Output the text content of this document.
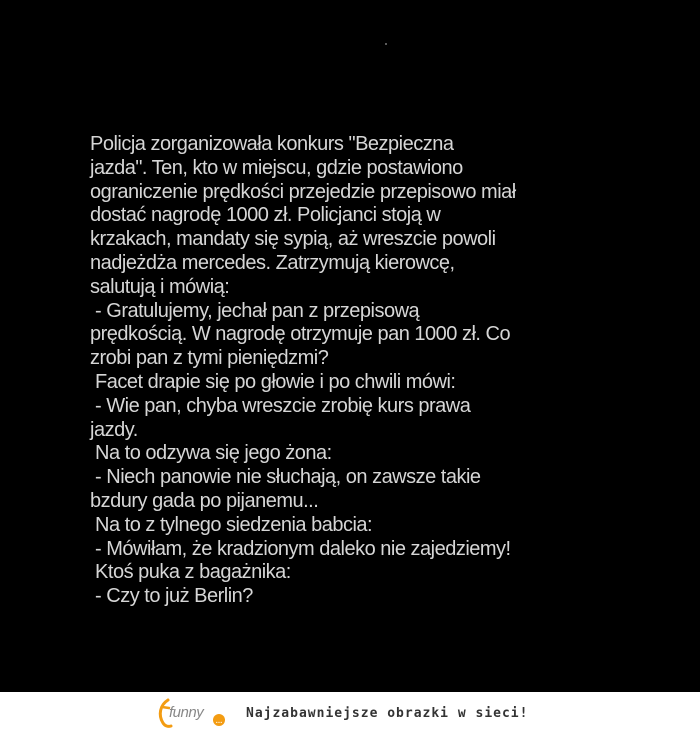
Policja zorganizowała konkurs "Bezpieczna
jazda". Ten, kto w miejscu, gdzie postawiono
ograniczenie prędkości przejedzie przepisowo miał
dostać nagrodę 1000 zł. Policjanci stoją w
krzakach, mandaty się sypią, aż wreszcie powoli
nadjeżdża mercedes. Zatrzymują kierowcę,
salutują i mówią:
- Gratulujemy, jechał pan z przepisową
prędkością. W nagrodę otrzymuje pan 1000 zł. Co
zrobi pan z tymi pieniędzmi?
Facet drapie się po głowie i po chwili mówi:
- Wie pan, chyba wreszcie zrobię kurs prawa
jazdy.
Na to odzywa się jego żona:
- Niech panowie nie słuchają, on zawsze takie
bzdury gada po pijanemu...
Na to z tylnego siedzenia babcia:
- Mówiłam, że kradzionym daleko nie zajedziemy!
Ktoś puka z bagażnika:
- Czy to już Berlin?
…
funny	Najzabawniejsze obrazki w sieci!
